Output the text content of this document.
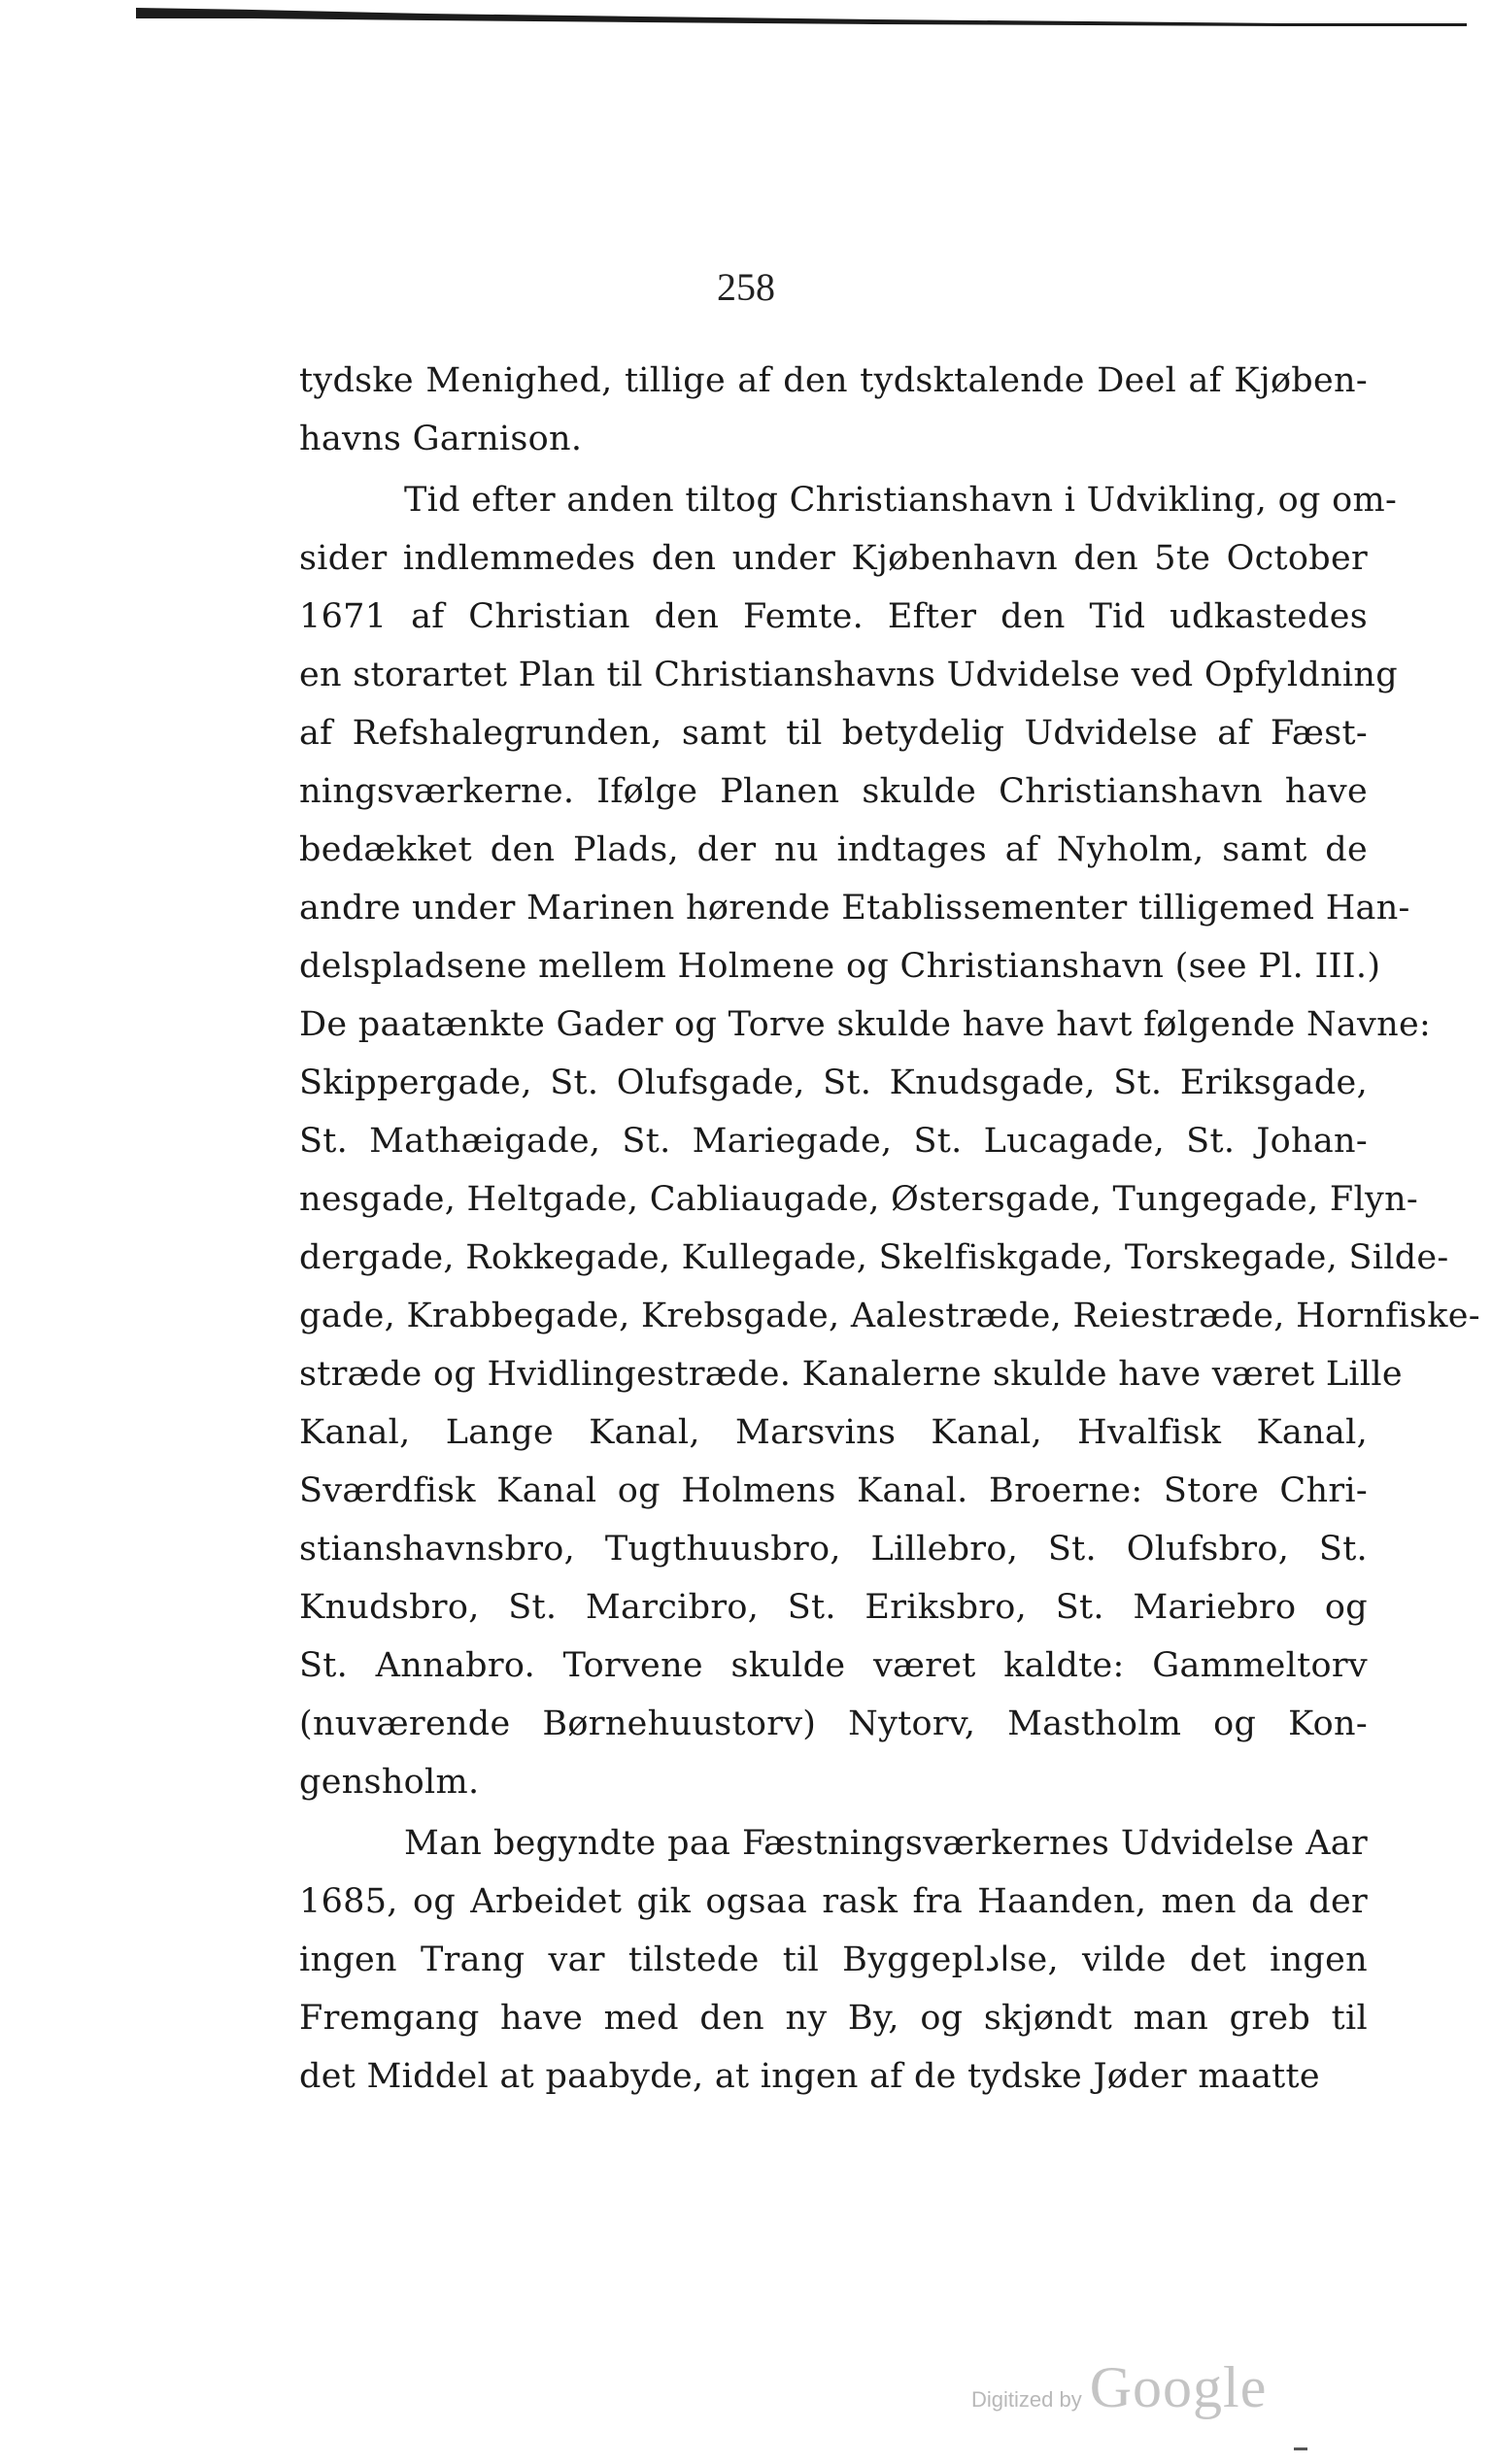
258
tydske Menighed, tillige af den tydsktalende Deel af Kjøben-
havns Garnison.
Tid efter anden tiltog Christianshavn i Udvikling, og om-
sider indlemmedes den under Kjøbenhavn den 5te October
1671 af Christian den Femte. Efter den Tid udkastedes
en storartet Plan til Christianshavns Udvidelse ved Opfyldning
af Refshalegrunden, samt til betydelig Udvidelse af Fæst-
ningsværkerne. Ifølge Planen skulde Christianshavn have
bedækket den Plads, der nu indtages af Nyholm, samt de
andre under Marinen hørende Etablissementer tilligemed Han-
delspladsene mellem Holmene og Christianshavn (see Pl. III.)
De paatænkte Gader og Torve skulde have havt følgende Navne:
Skippergade, St. Olufsgade, St. Knudsgade, St. Eriksgade,
St. Mathæigade, St. Mariegade, St. Lucagade, St. Johan-
nesgade, Heltgade, Cabliaugade, Østersgade, Tungegade, Flyn-
dergade, Rokkegade, Kullegade, Skelfiskgade, Torskegade, Silde-
gade, Krabbegade, Krebsgade, Aalestræde, Reiestræde, Hornfiske-
stræde og Hvidlingestræde. Kanalerne skulde have været Lille
Kanal, Lange Kanal, Marsvins Kanal, Hvalfisk Kanal,
Sværdfisk Kanal og Holmens Kanal. Broerne: Store Chri-
stianshavnsbro, Tugthuusbro, Lillebro, St. Olufsbro, St.
Knudsbro, St. Marcibro, St. Eriksbro, St. Mariebro og
St. Annabro. Torvene skulde været kaldte: Gammeltorv
(nuværende Børnehuustorv) Nytorv, Mastholm og Kon-
gensholm.
Man begyndte paa Fæstningsværkernes Udvidelse Aar
1685, og Arbeidet gik ogsaa rask fra Haanden, men da der
ingen Trang var tilstede til Byggeplادse, vilde det ingen
Fremgang have med den ny By, og skjøndt man greb til
det Middel at paabyde, at ingen af de tydske Jøder maatte
Digitized by Google
